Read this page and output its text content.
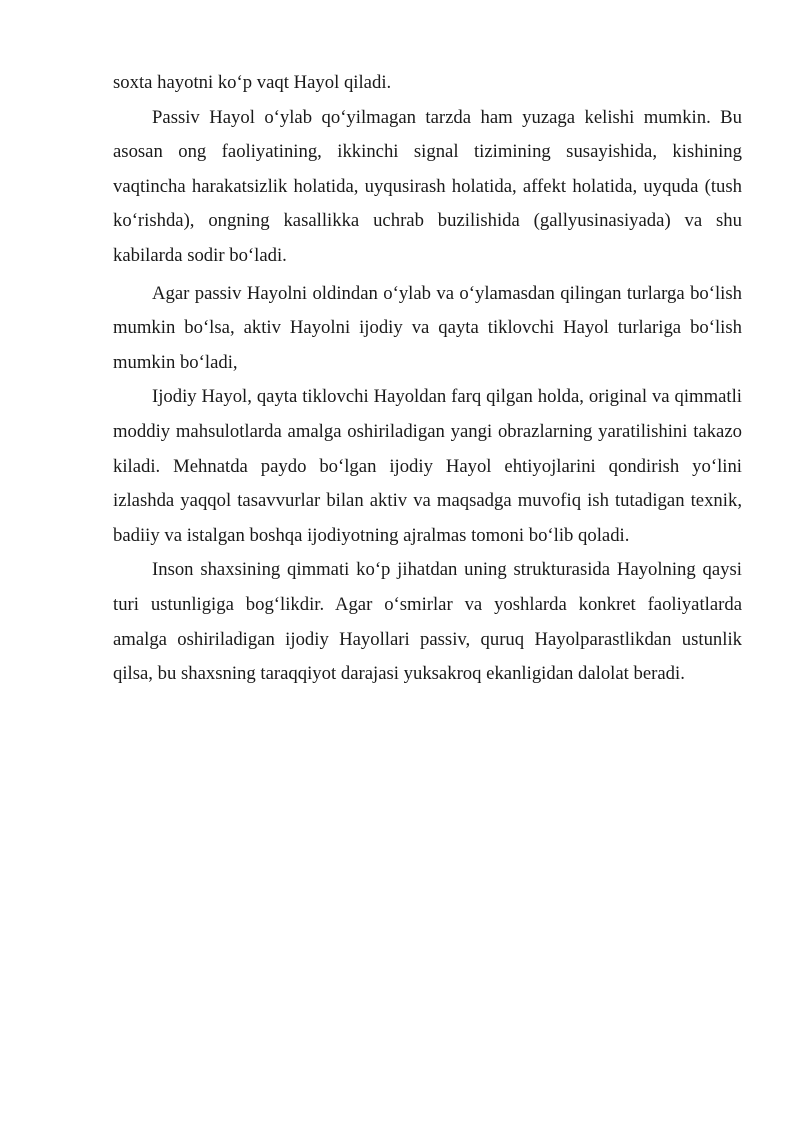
soxta hayotni ko‘p vaqt Hayol qiladi.

Passiv Hayol o‘ylab qo‘yilmagan tarzda ham yuzaga kelishi mumkin. Bu asosan ong faoliyatining, ikkinchi signal tizimining susayishida, kishining vaqtincha harakatsizlik holatida, uyqusirash holatida, affekt holatida, uyquda (tush ko‘rishda), ongning kasallikka uchrab buzilishida (gallyusinasiyada) va shu kabilarda sodir bo‘ladi.

Agar passiv Hayolni oldindan o‘ylab va o‘ylamasdan qilingan turlarga bo‘lish mumkin bo‘lsa, aktiv Hayolni ijodiy va qayta tiklovchi Hayol turlariga bo‘lish mumkin bo‘ladi,

Ijodiy Hayol, qayta tiklovchi Hayoldan farq qilgan holda, original va qimmatli moddiy mahsulotlarda amalga oshiriladigan yangi obrazlarning yaratilishini takazo kiladi. Mehnatda paydo bo‘lgan ijodiy Hayol ehtiyojlarini qondirish yo‘lini izlashda yaqqol tasavvurlar bilan aktiv va maqsadga muvofiq ish tutadigan texnik, badiiy va istalgan boshqa ijodiyotning ajralmas tomoni bo‘lib qoladi.

Inson shaxsining qimmati ko‘p jihatdan uning strukturasida Hayolning qaysi turi ustunligiga bog‘likdir. Agar o‘smirlar va yoshlarda konkret faoliyatlarda amalga oshiriladigan ijodiy Hayollari passiv, quruq Hayolparastlikdan ustunlik qilsa, bu shaxsning taraqqiyot darajasi yuksakroq ekanligidan dalolat beradi.
